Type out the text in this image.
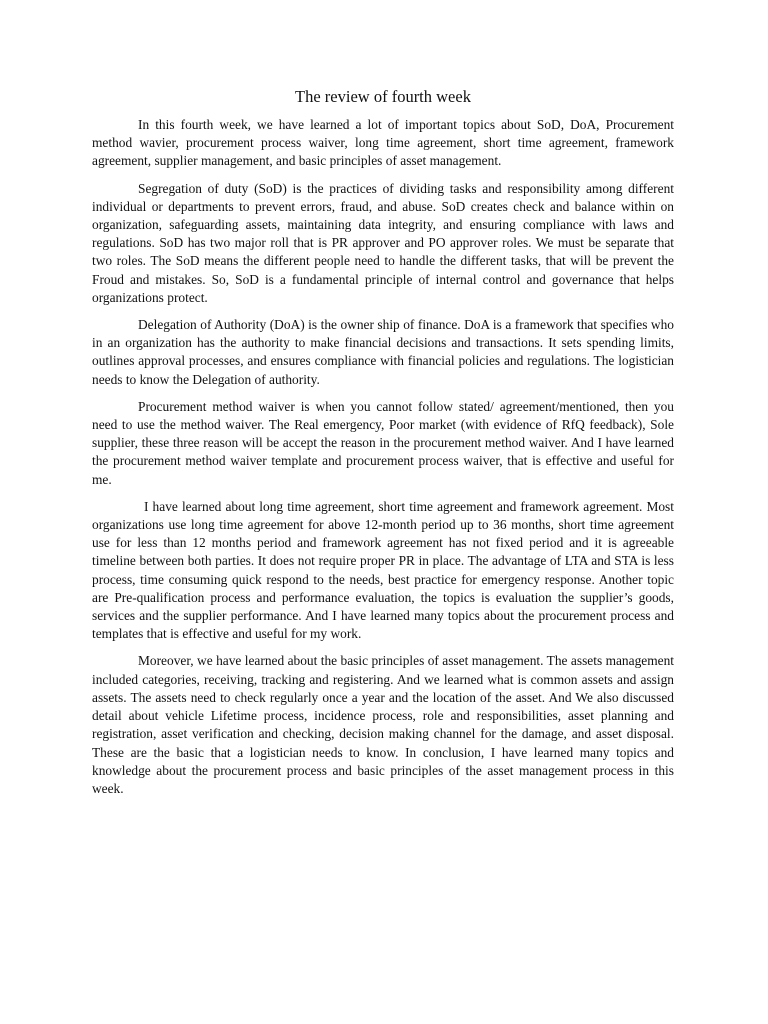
The review of fourth week

In this fourth week, we have learned a lot of important topics about SoD, DoA, Procurement method wavier, procurement process waiver, long time agreement, short time agreement, framework agreement, supplier management, and basic principles of asset management.

Segregation of duty (SoD) is the practices of dividing tasks and responsibility among different individual or departments to prevent errors, fraud, and abuse. SoD creates check and balance within on organization, safeguarding assets, maintaining data integrity, and ensuring compliance with laws and regulations. SoD has two major roll that is PR approver and PO approver roles. We must be separate that two roles. The SoD means the different people need to handle the different tasks, that will be prevent the Froud and mistakes. So, SoD is a fundamental principle of internal control and governance that helps organizations protect.

Delegation of Authority (DoA) is the owner ship of finance. DoA is a framework that specifies who in an organization has the authority to make financial decisions and transactions. It sets spending limits, outlines approval processes, and ensures compliance with financial policies and regulations. The logistician needs to know the Delegation of authority.

Procurement method waiver is when you cannot follow stated/ agreement/mentioned, then you need to use the method waiver. The Real emergency, Poor market (with evidence of RfQ feedback), Sole supplier, these three reason will be accept the reason in the procurement method waiver. And I have learned the procurement method waiver template and procurement process waiver, that is effective and useful for me.

I have learned about long time agreement, short time agreement and framework agreement. Most organizations use long time agreement for above 12-month period up to 36 months, short time agreement use for less than 12 months period and framework agreement has not fixed period and it is agreeable timeline between both parties. It does not require proper PR in place. The advantage of LTA and STA is less process, time consuming quick respond to the needs, best practice for emergency response. Another topic are Pre-qualification process and performance evaluation, the topics is evaluation the supplier’s goods, services and the supplier performance. And I have learned many topics about the procurement process and templates that is effective and useful for my work.

Moreover, we have learned about the basic principles of asset management. The assets management included categories, receiving, tracking and registering. And we learned what is common assets and assign assets. The assets need to check regularly once a year and the location of the asset. And We also discussed detail about vehicle Lifetime process, incidence process, role and responsibilities, asset planning and registration, asset verification and checking, decision making channel for the damage, and asset disposal. These are the basic that a logistician needs to know. In conclusion, I have learned many topics and knowledge about the procurement process and basic principles of the asset management process in this week.
